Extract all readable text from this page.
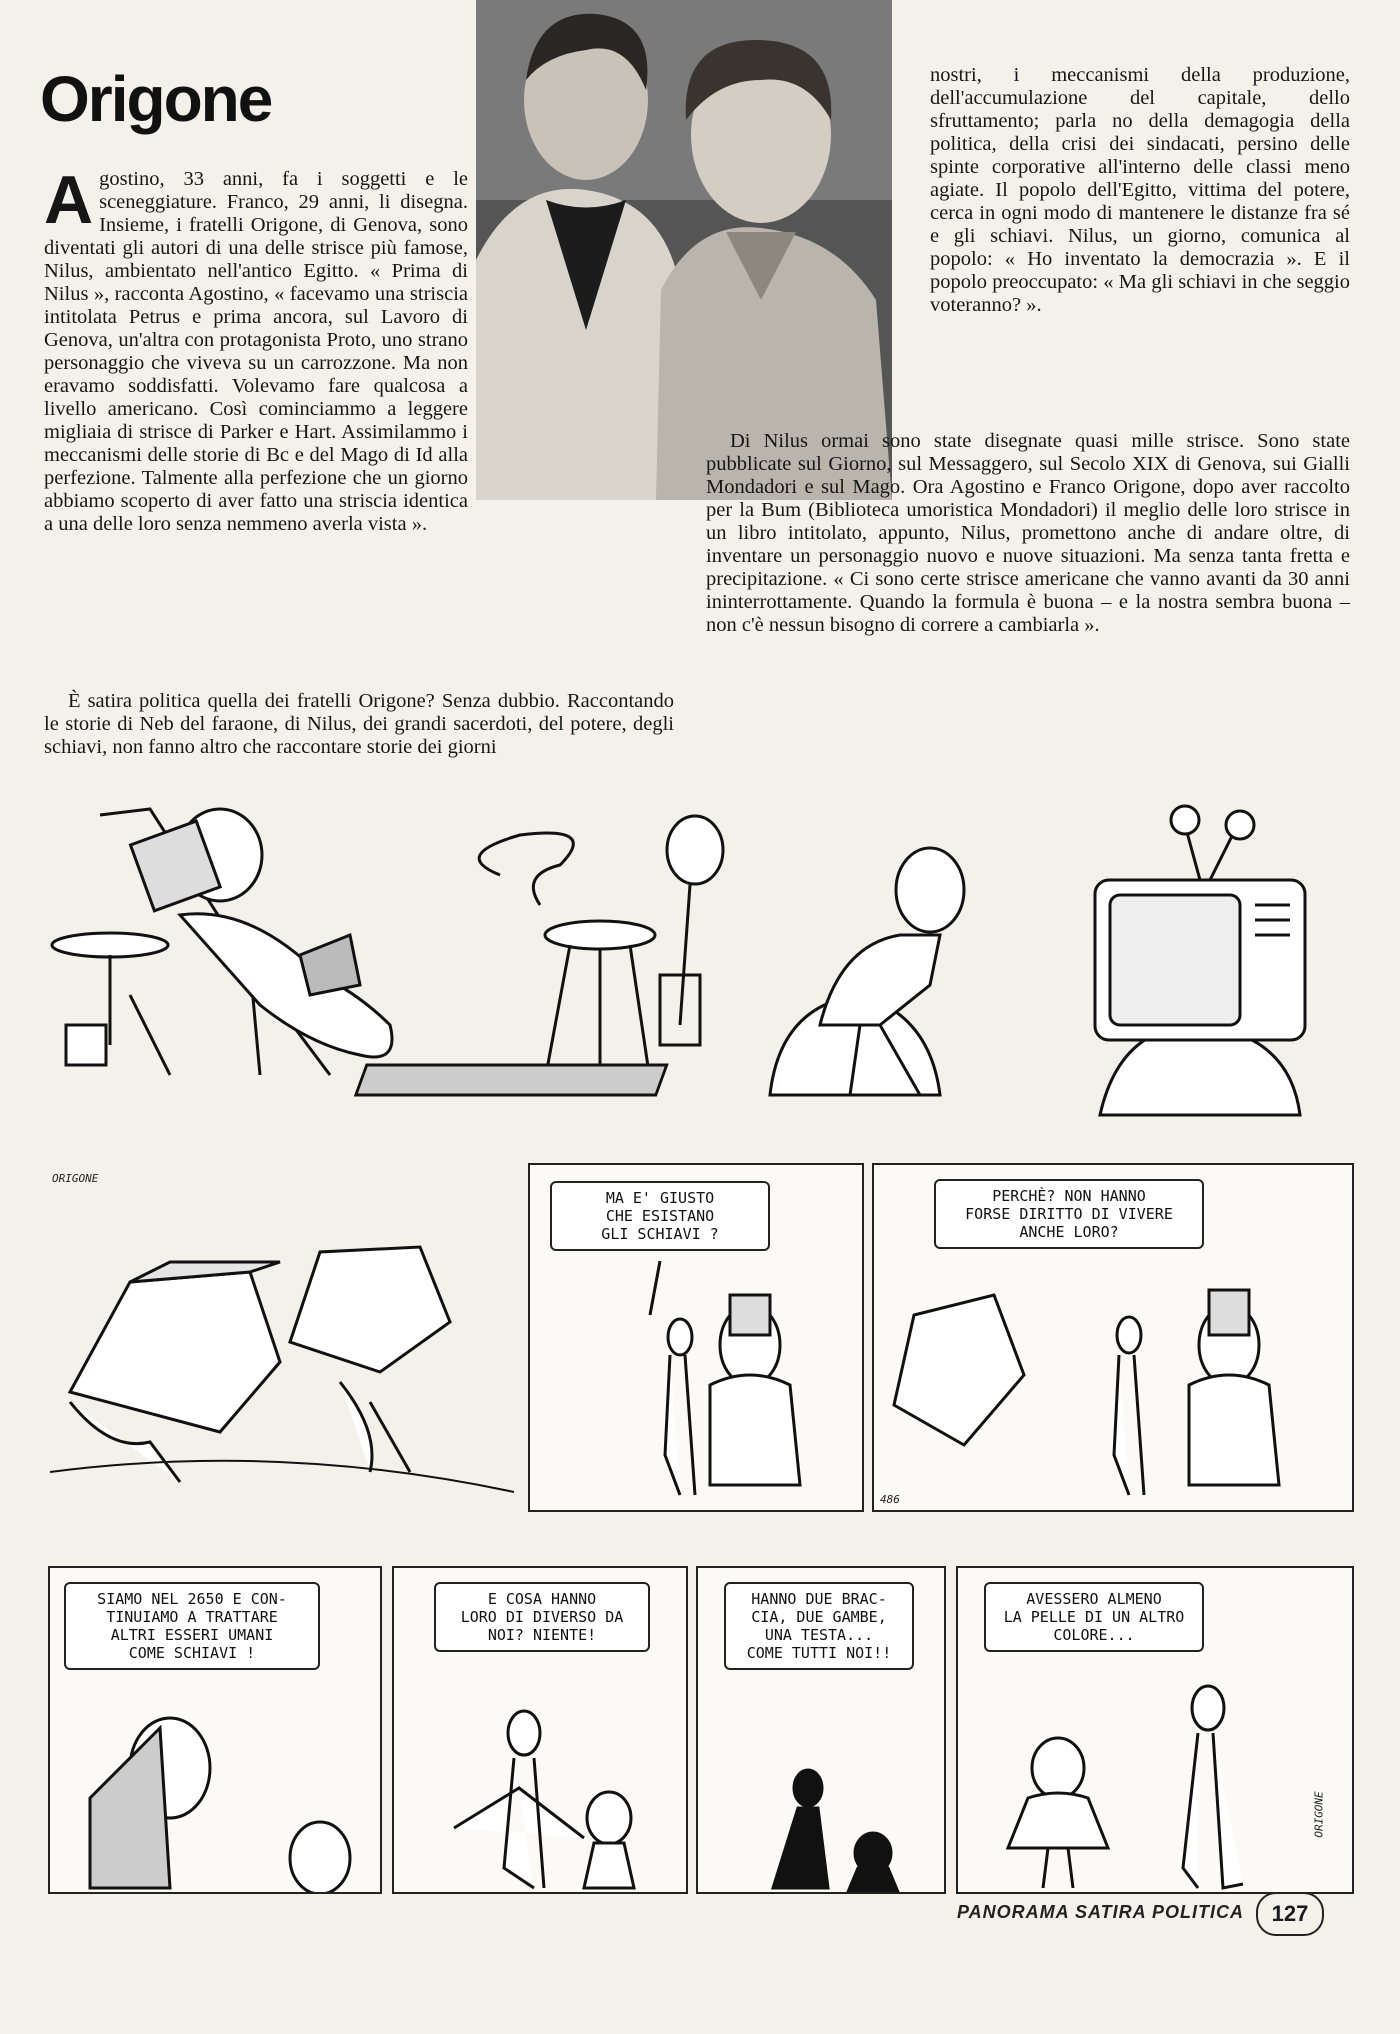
Origone

Agostino, 33 anni, fa i soggetti e le sceneggiature. Franco, 29 anni, li disegna. Insieme, i fratelli Origone, di Genova, sono diventati gli autori di una delle strisce più famose, Nilus, ambientato nell'antico Egitto. « Prima di Nilus », racconta Agostino, « facevamo una striscia intitolata Petrus e prima ancora, sul Lavoro di Genova, un'altra con protagonista Proto, uno strano personaggio che viveva su un carrozzone. Ma non eravamo soddisfatti. Volevamo fare qualcosa a livello americano. Così cominciammo a leggere migliaia di strisce di Parker e Hart. Assimilammo i meccanismi delle storie di Bc e del Mago di Id alla perfezione. Talmente alla perfezione che un giorno abbiamo scoperto di aver fatto una striscia identica a una delle loro senza nemmeno averla vista ».

È satira politica quella dei fratelli Origone? Senza dubbio. Raccontando le storie di Neb del faraone, di Nilus, dei grandi sacerdoti, del potere, degli schiavi, non fanno altro che raccontare storie dei giorni

nostri, i meccanismi della produzione, dell'accumulazione del capitale, dello sfruttamento; parla no della demagogia della politica, della crisi dei sindacati, persino delle spinte corporative all'interno delle classi meno agiate. Il popolo dell'Egitto, vittima del potere, cerca in ogni modo di mantenere le distanze fra sé e gli schiavi. Nilus, un giorno, comunica al popolo: « Ho inventato la democrazia ». E il popolo preoccupato: « Ma gli schiavi in che seggio voteranno? ».

Di Nilus ormai sono state disegnate quasi mille strisce. Sono state pubblicate sul Giorno, sul Messaggero, sul Secolo XIX di Genova, sui Gialli Mondadori e sul Mago. Ora Agostino e Franco Origone, dopo aver raccolto per la Bum (Biblioteca umoristica Mondadori) il meglio delle loro strisce in un libro intitolato, appunto, Nilus, promettono anche di andare oltre, di inventare un personaggio nuovo e nuove situazioni. Ma senza tanta fretta e precipitazione. « Ci sono certe strisce americane che vanno avanti da 30 anni ininterrottamente. Quando la formula è buona – e la nostra sembra buona – non c'è nessun bisogno di correre a cambiarla ».

ORIGONE
MA E' GIUSTO
CHE ESISTANO
GLI SCHIAVI ?
PERCHÈ? NON HANNO
FORSE DIRITTO DI VIVERE
ANCHE LORO?
486
SIAMO NEL 2650 E CON-
TINUIAMO A TRATTARE
ALTRI ESSERI UMANI
COME SCHIAVI !
E COSA HANNO
LORO DI DIVERSO DA
NOI? NIENTE!
HANNO DUE BRAC-
CIA, DUE GAMBE,
UNA TESTA...
COME TUTTI NOI!!
AVESSERO ALMENO
LA PELLE DI UN ALTRO
COLORE...
ORIGONE
PANORAMA SATIRA POLITICA	127
